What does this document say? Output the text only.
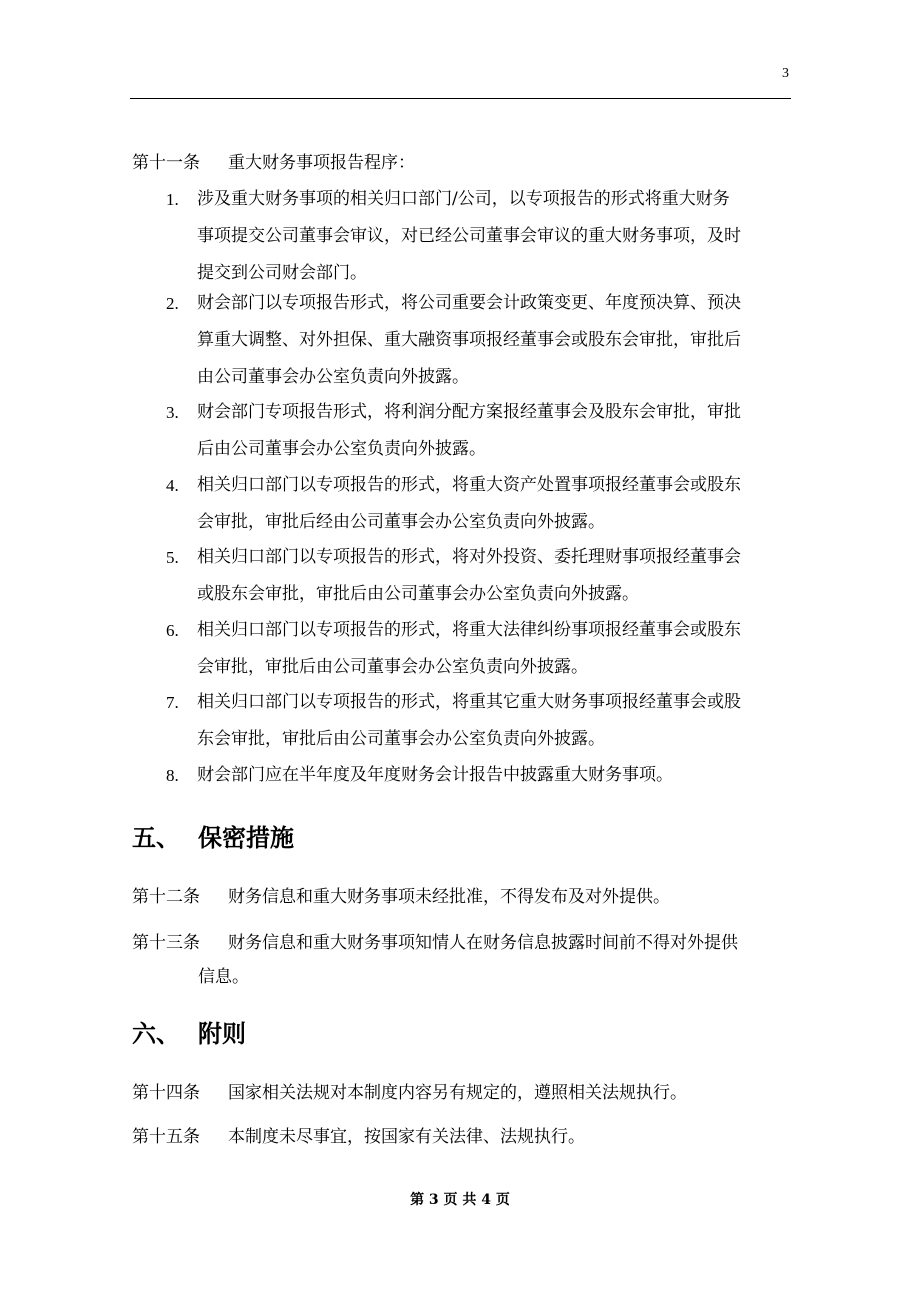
3
第十一条 重大财务事项报告程序：
1. 涉及重大财务事项的相关归口部门/公司，以专项报告的形式将重大财务
事项提交公司董事会审议，对已经公司董事会审议的重大财务事项，及时
提交到公司财会部门。
2. 财会部门以专项报告形式，将公司重要会计政策变更、年度预决算、预决
算重大调整、对外担保、重大融资事项报经董事会或股东会审批，审批后
由公司董事会办公室负责向外披露。
3. 财会部门专项报告形式，将利润分配方案报经董事会及股东会审批，审批
后由公司董事会办公室负责向外披露。
4. 相关归口部门以专项报告的形式，将重大资产处置事项报经董事会或股东
会审批，审批后经由公司董事会办公室负责向外披露。
5. 相关归口部门以专项报告的形式，将对外投资、委托理财事项报经董事会
或股东会审批，审批后由公司董事会办公室负责向外披露。
6. 相关归口部门以专项报告的形式，将重大法律纠纷事项报经董事会或股东
会审批，审批后由公司董事会办公室负责向外披露。
7. 相关归口部门以专项报告的形式，将重其它重大财务事项报经董事会或股
东会审批，审批后由公司董事会办公室负责向外披露。
8. 财会部门应在半年度及年度财务会计报告中披露重大财务事项。
五、 保密措施
第十二条 财务信息和重大财务事项未经批准，不得发布及对外提供。
第十三条 财务信息和重大财务事项知情人在财务信息披露时间前不得对外提供
信息。
六、 附则
第十四条 国家相关法规对本制度内容另有规定的，遵照相关法规执行。
第十五条 本制度未尽事宜，按国家有关法律、法规执行。
第 3 页 共 4 页
